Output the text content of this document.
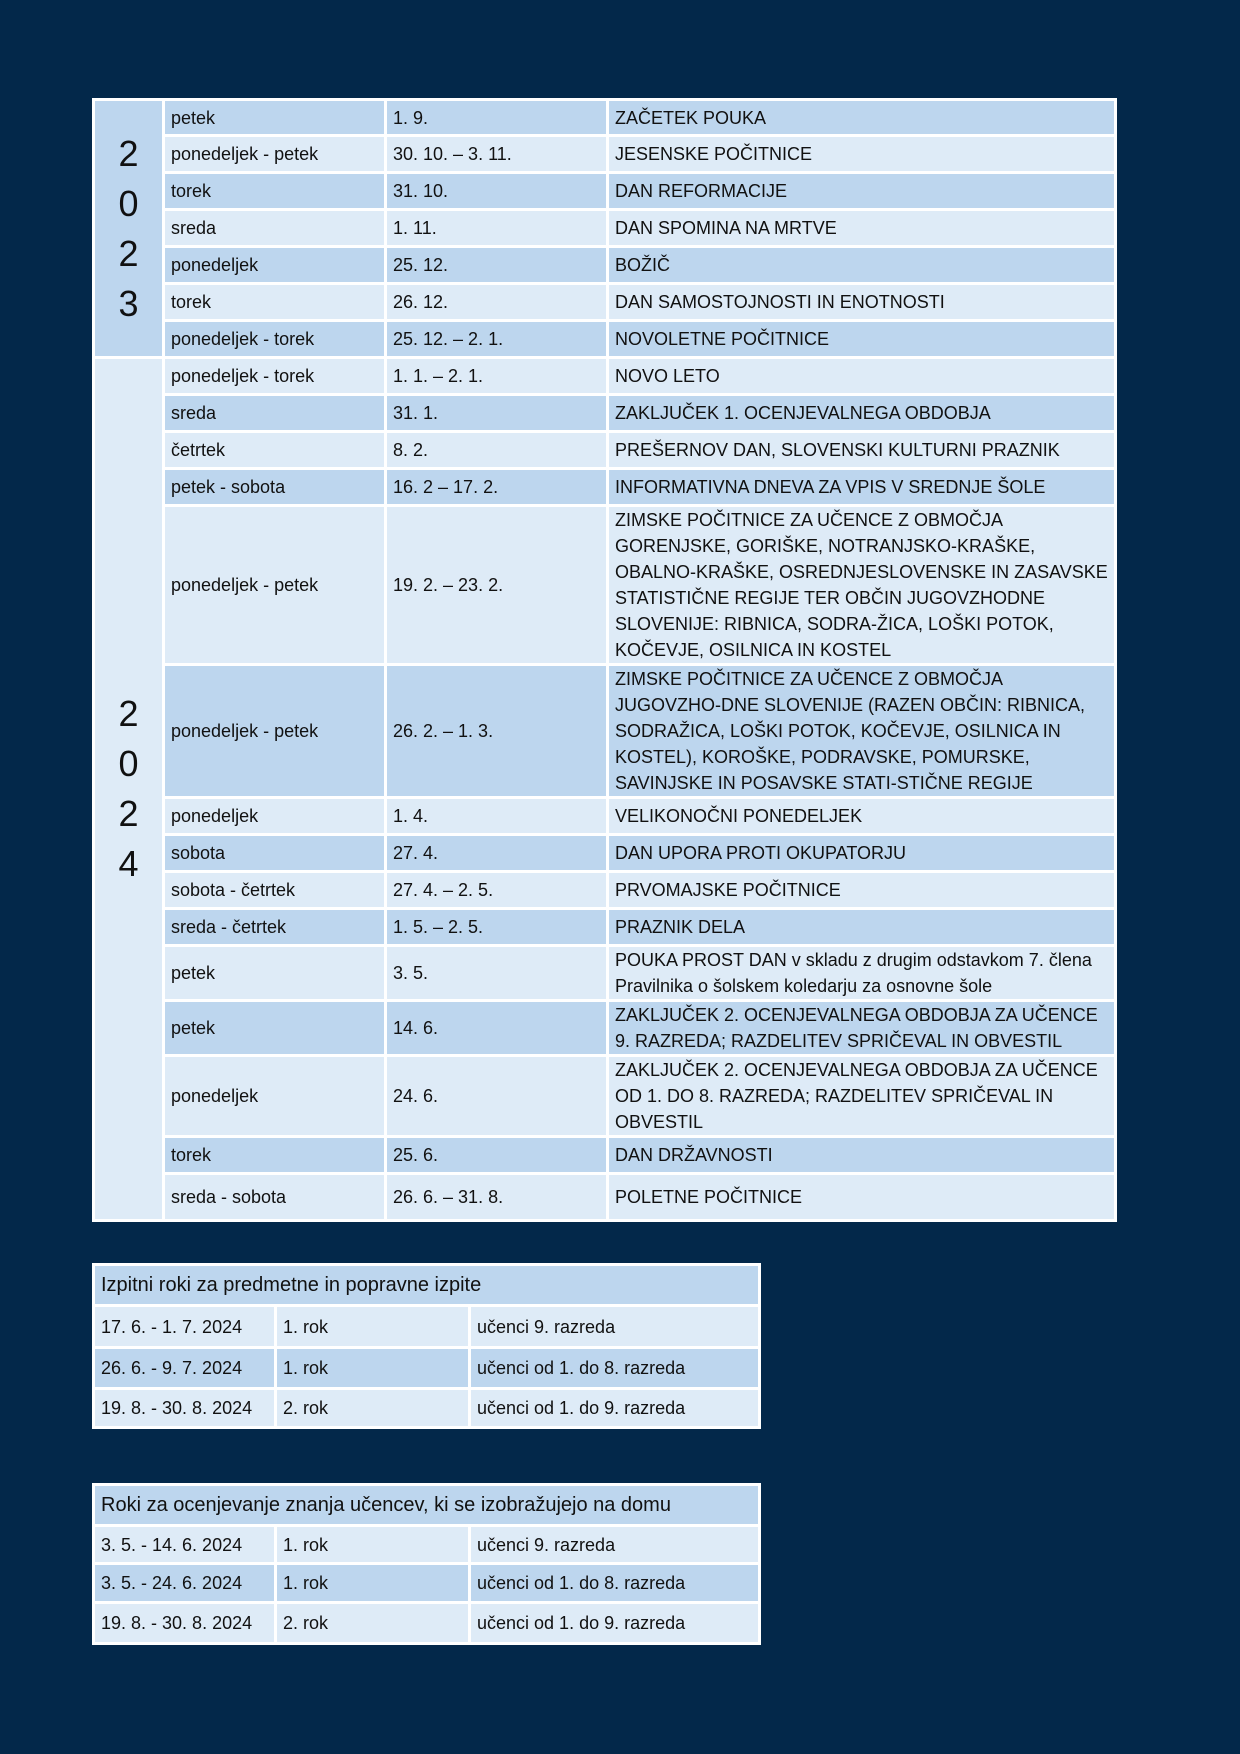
2
0
2
3	petek	1. 9.	ZAČETEK POUKA
	ponedeljek - petek	30. 10. – 3. 11.	JESENSKE POČITNICE
	torek	31. 10.	DAN REFORMACIJE
	sreda	1. 11.	DAN SPOMINA NA MRTVE
	ponedeljek	25. 12.	BOŽIČ
	torek	26. 12.	DAN SAMOSTOJNOSTI IN ENOTNOSTI
	ponedeljek - torek	25. 12. – 2. 1.	NOVOLETNE POČITNICE

2
0
2
4	ponedeljek - torek	1. 1. – 2. 1.	NOVO LETO
	sreda	31. 1.	ZAKLJUČEK 1. OCENJEVALNEGA OBDOBJA
	četrtek	8. 2.	PREŠERNOV DAN, SLOVENSKI KULTURNI PRAZNIK
	petek - sobota	16. 2 – 17. 2.	INFORMATIVNA DNEVA ZA VPIS V SREDNJE ŠOLE
	ponedeljek - petek	19. 2. – 23. 2.	ZIMSKE POČITNICE ZA UČENCE Z OBMOČJA GORENJSKE, GORIŠKE, NOTRANJSKO-KRAŠKE, OBALNO-KRAŠKE, OSREDNJESLOVENSKE IN ZASAVSKE STATISTIČNE REGIJE TER OBČIN JUGOVZHODNE SLOVENIJE: RIBNICA, SODRA-ŽICA, LOŠKI POTOK, KOČEVJE, OSILNICA IN KOSTEL
	ponedeljek - petek	26. 2. – 1. 3.	ZIMSKE POČITNICE ZA UČENCE Z OBMOČJA JUGOVZHO-DNE SLOVENIJE (RAZEN OBČIN: RIBNICA, SODRAŽICA, LOŠKI POTOK, KOČEVJE, OSILNICA IN KOSTEL), KOROŠKE, PODRAVSKE, POMURSKE, SAVINJSKE IN POSAVSKE STATI-STIČNE REGIJE
	ponedeljek	1. 4.	VELIKONOČNI PONEDELJEK
	sobota	27. 4.	DAN UPORA PROTI OKUPATORJU
	sobota - četrtek	27. 4. – 2. 5.	PRVOMAJSKE POČITNICE
	sreda - četrtek	1. 5. – 2. 5.	PRAZNIK DELA
	petek	3. 5.	POUKA PROST DAN v skladu z drugim odstavkom 7. člena Pravilnika o šolskem koledarju za osnovne šole
	petek	14. 6.	ZAKLJUČEK 2. OCENJEVALNEGA OBDOBJA ZA UČENCE 9. RAZREDA; RAZDELITEV SPRIČEVAL IN OBVESTIL
	ponedeljek	24. 6.	ZAKLJUČEK 2. OCENJEVALNEGA OBDOBJA ZA UČENCE OD 1. DO 8. RAZREDA; RAZDELITEV SPRIČEVAL IN OBVESTIL
	torek	25. 6.	DAN DRŽAVNOSTI
	sreda - sobota	26. 6. – 31. 8.	POLETNE POČITNICE
Izpitni roki za predmetne in popravne izpite		
17. 6. - 1. 7. 2024	1. rok	učenci 9. razreda
26. 6. - 9. 7. 2024	1. rok	učenci od 1. do 8. razreda
19. 8. - 30. 8. 2024	2. rok	učenci od 1. do 9. razreda
Roki za ocenjevanje znanja učencev, ki se izobražujejo na domu		
3. 5. - 14. 6. 2024	1. rok	učenci 9. razreda
3. 5. - 24. 6. 2024	1. rok	učenci od 1. do 8. razreda
19. 8. - 30. 8. 2024	2. rok	učenci od 1. do 9. razreda
